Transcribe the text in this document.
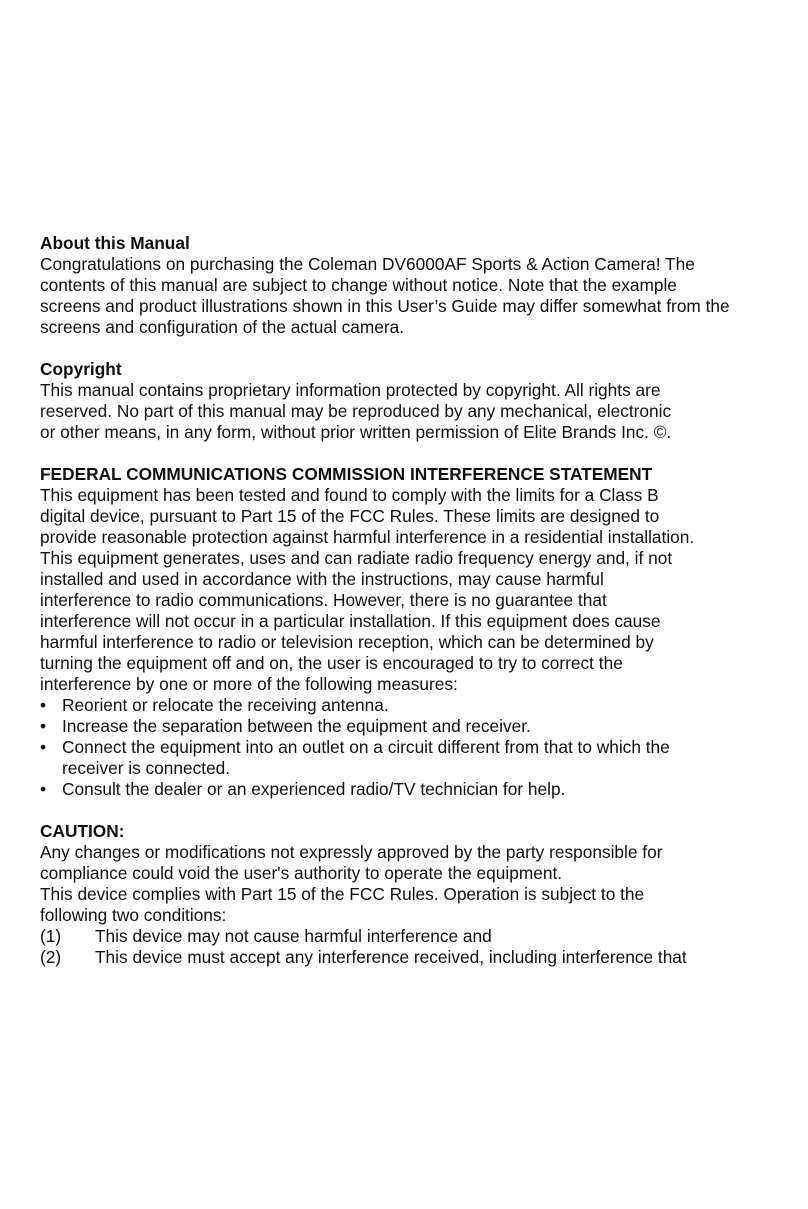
About this Manual

Congratulations on purchasing the Coleman DV6000AF Sports & Action Camera! The
contents of this manual are subject to change without notice. Note that the example
screens and product illustrations shown in this User’s Guide may differ somewhat from the
screens and configuration of the actual camera.

Copyright

This manual contains proprietary information protected by copyright. All rights are
reserved. No part of this manual may be reproduced by any mechanical, electronic
or other means, in any form, without prior written permission of Elite Brands Inc. ©.

FEDERAL COMMUNICATIONS COMMISSION INTERFERENCE STATEMENT

This equipment has been tested and found to comply with the limits for a Class B
digital device, pursuant to Part 15 of the FCC Rules. These limits are designed to
provide reasonable protection against harmful interference in a residential installation.
This equipment generates, uses and can radiate radio frequency energy and, if not
installed and used in accordance with the instructions, may cause harmful
interference to radio communications. However, there is no guarantee that
interference will not occur in a particular installation. If this equipment does cause
harmful interference to radio or television reception, which can be determined by
turning the equipment off and on, the user is encouraged to try to correct the
interference by one or more of the following measures:

• Reorient or relocate the receiving antenna.
• Increase the separation between the equipment and receiver.
• Connect the equipment into an outlet on a circuit different from that to which the
receiver is connected.
• Consult the dealer or an experienced radio/TV technician for help.

CAUTION:

Any changes or modifications not expressly approved by the party responsible for
compliance could void the user's authority to operate the equipment.
This device complies with Part 15 of the FCC Rules. Operation is subject to the
following two conditions:

(1) This device may not cause harmful interference and
(2) This device must accept any interference received, including interference that
